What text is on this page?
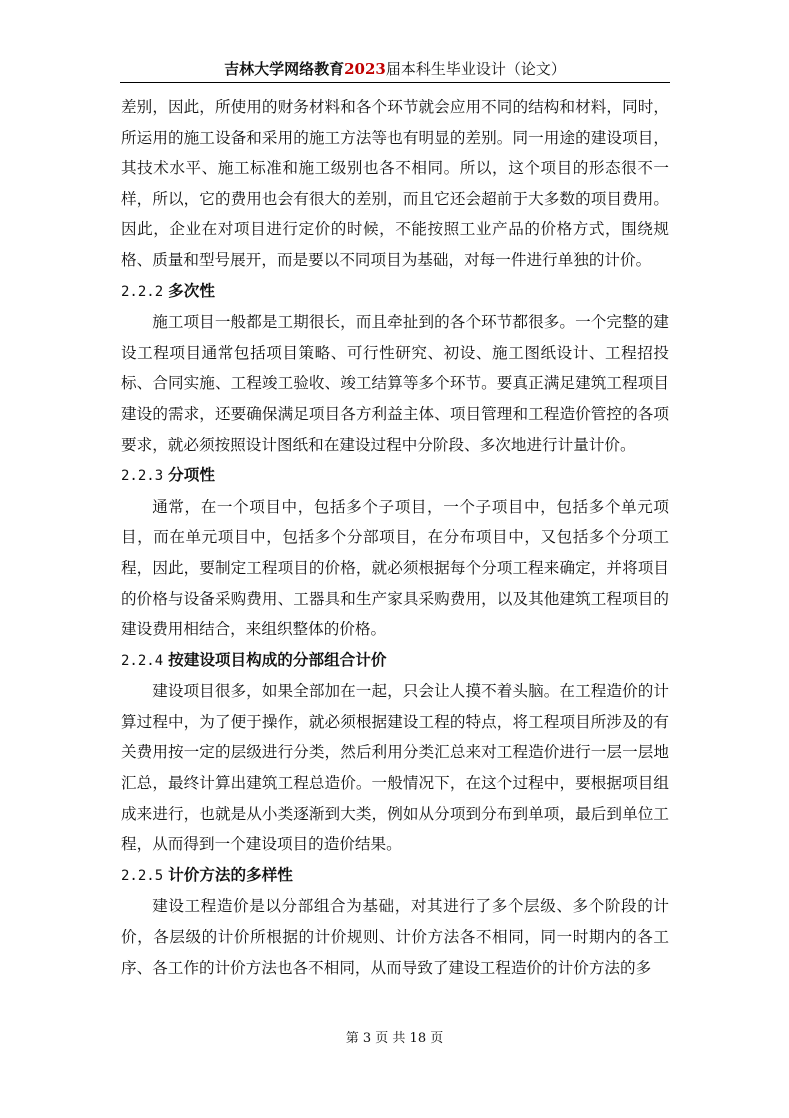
吉林大学网络教育2023届本科生毕业设计（论文）

差别，因此，所使用的财务材料和各个环节就会应用不同的结构和材料，同时，所运用的施工设备和采用的施工方法等也有明显的差别。同一用途的建设项目，其技术水平、施工标准和施工级别也各不相同。所以，这个项目的形态很不一样，所以，它的费用也会有很大的差别，而且它还会超前于大多数的项目费用。因此，企业在对项目进行定价的时候，不能按照工业产品的价格方式，围绕规格、质量和型号展开，而是要以不同项目为基础，对每一件进行单独的计价。

2.2.2 多次性

施工项目一般都是工期很长，而且牵扯到的各个环节都很多。一个完整的建设工程项目通常包括项目策略、可行性研究、初设、施工图纸设计、工程招投标、合同实施、工程竣工验收、竣工结算等多个环节。要真正满足建筑工程项目建设的需求，还要确保满足项目各方利益主体、项目管理和工程造价管控的各项要求，就必须按照设计图纸和在建设过程中分阶段、多次地进行计量计价。

2.2.3 分项性

通常，在一个项目中，包括多个子项目，一个子项目中，包括多个单元项目，而在单元项目中，包括多个分部项目，在分布项目中，又包括多个分项工程，因此，要制定工程项目的价格，就必须根据每个分项工程来确定，并将项目的价格与设备采购费用、工器具和生产家具采购费用，以及其他建筑工程项目的建设费用相结合，来组织整体的价格。

2.2.4 按建设项目构成的分部组合计价

建设项目很多，如果全部加在一起，只会让人摸不着头脑。在工程造价的计算过程中，为了便于操作，就必须根据建设工程的特点，将工程项目所涉及的有关费用按一定的层级进行分类，然后利用分类汇总来对工程造价进行一层一层地汇总，最终计算出建筑工程总造价。一般情况下，在这个过程中，要根据项目组成来进行，也就是从小类逐渐到大类，例如从分项到分布到单项，最后到单位工程，从而得到一个建设项目的造价结果。

2.2.5 计价方法的多样性

建设工程造价是以分部组合为基础，对其进行了多个层级、多个阶段的计价，各层级的计价所根据的计价规则、计价方法各不相同，同一时期内的各工序、各工作的计价方法也各不相同，从而导致了建设工程造价的计价方法的多

第 3 页 共 18 页
